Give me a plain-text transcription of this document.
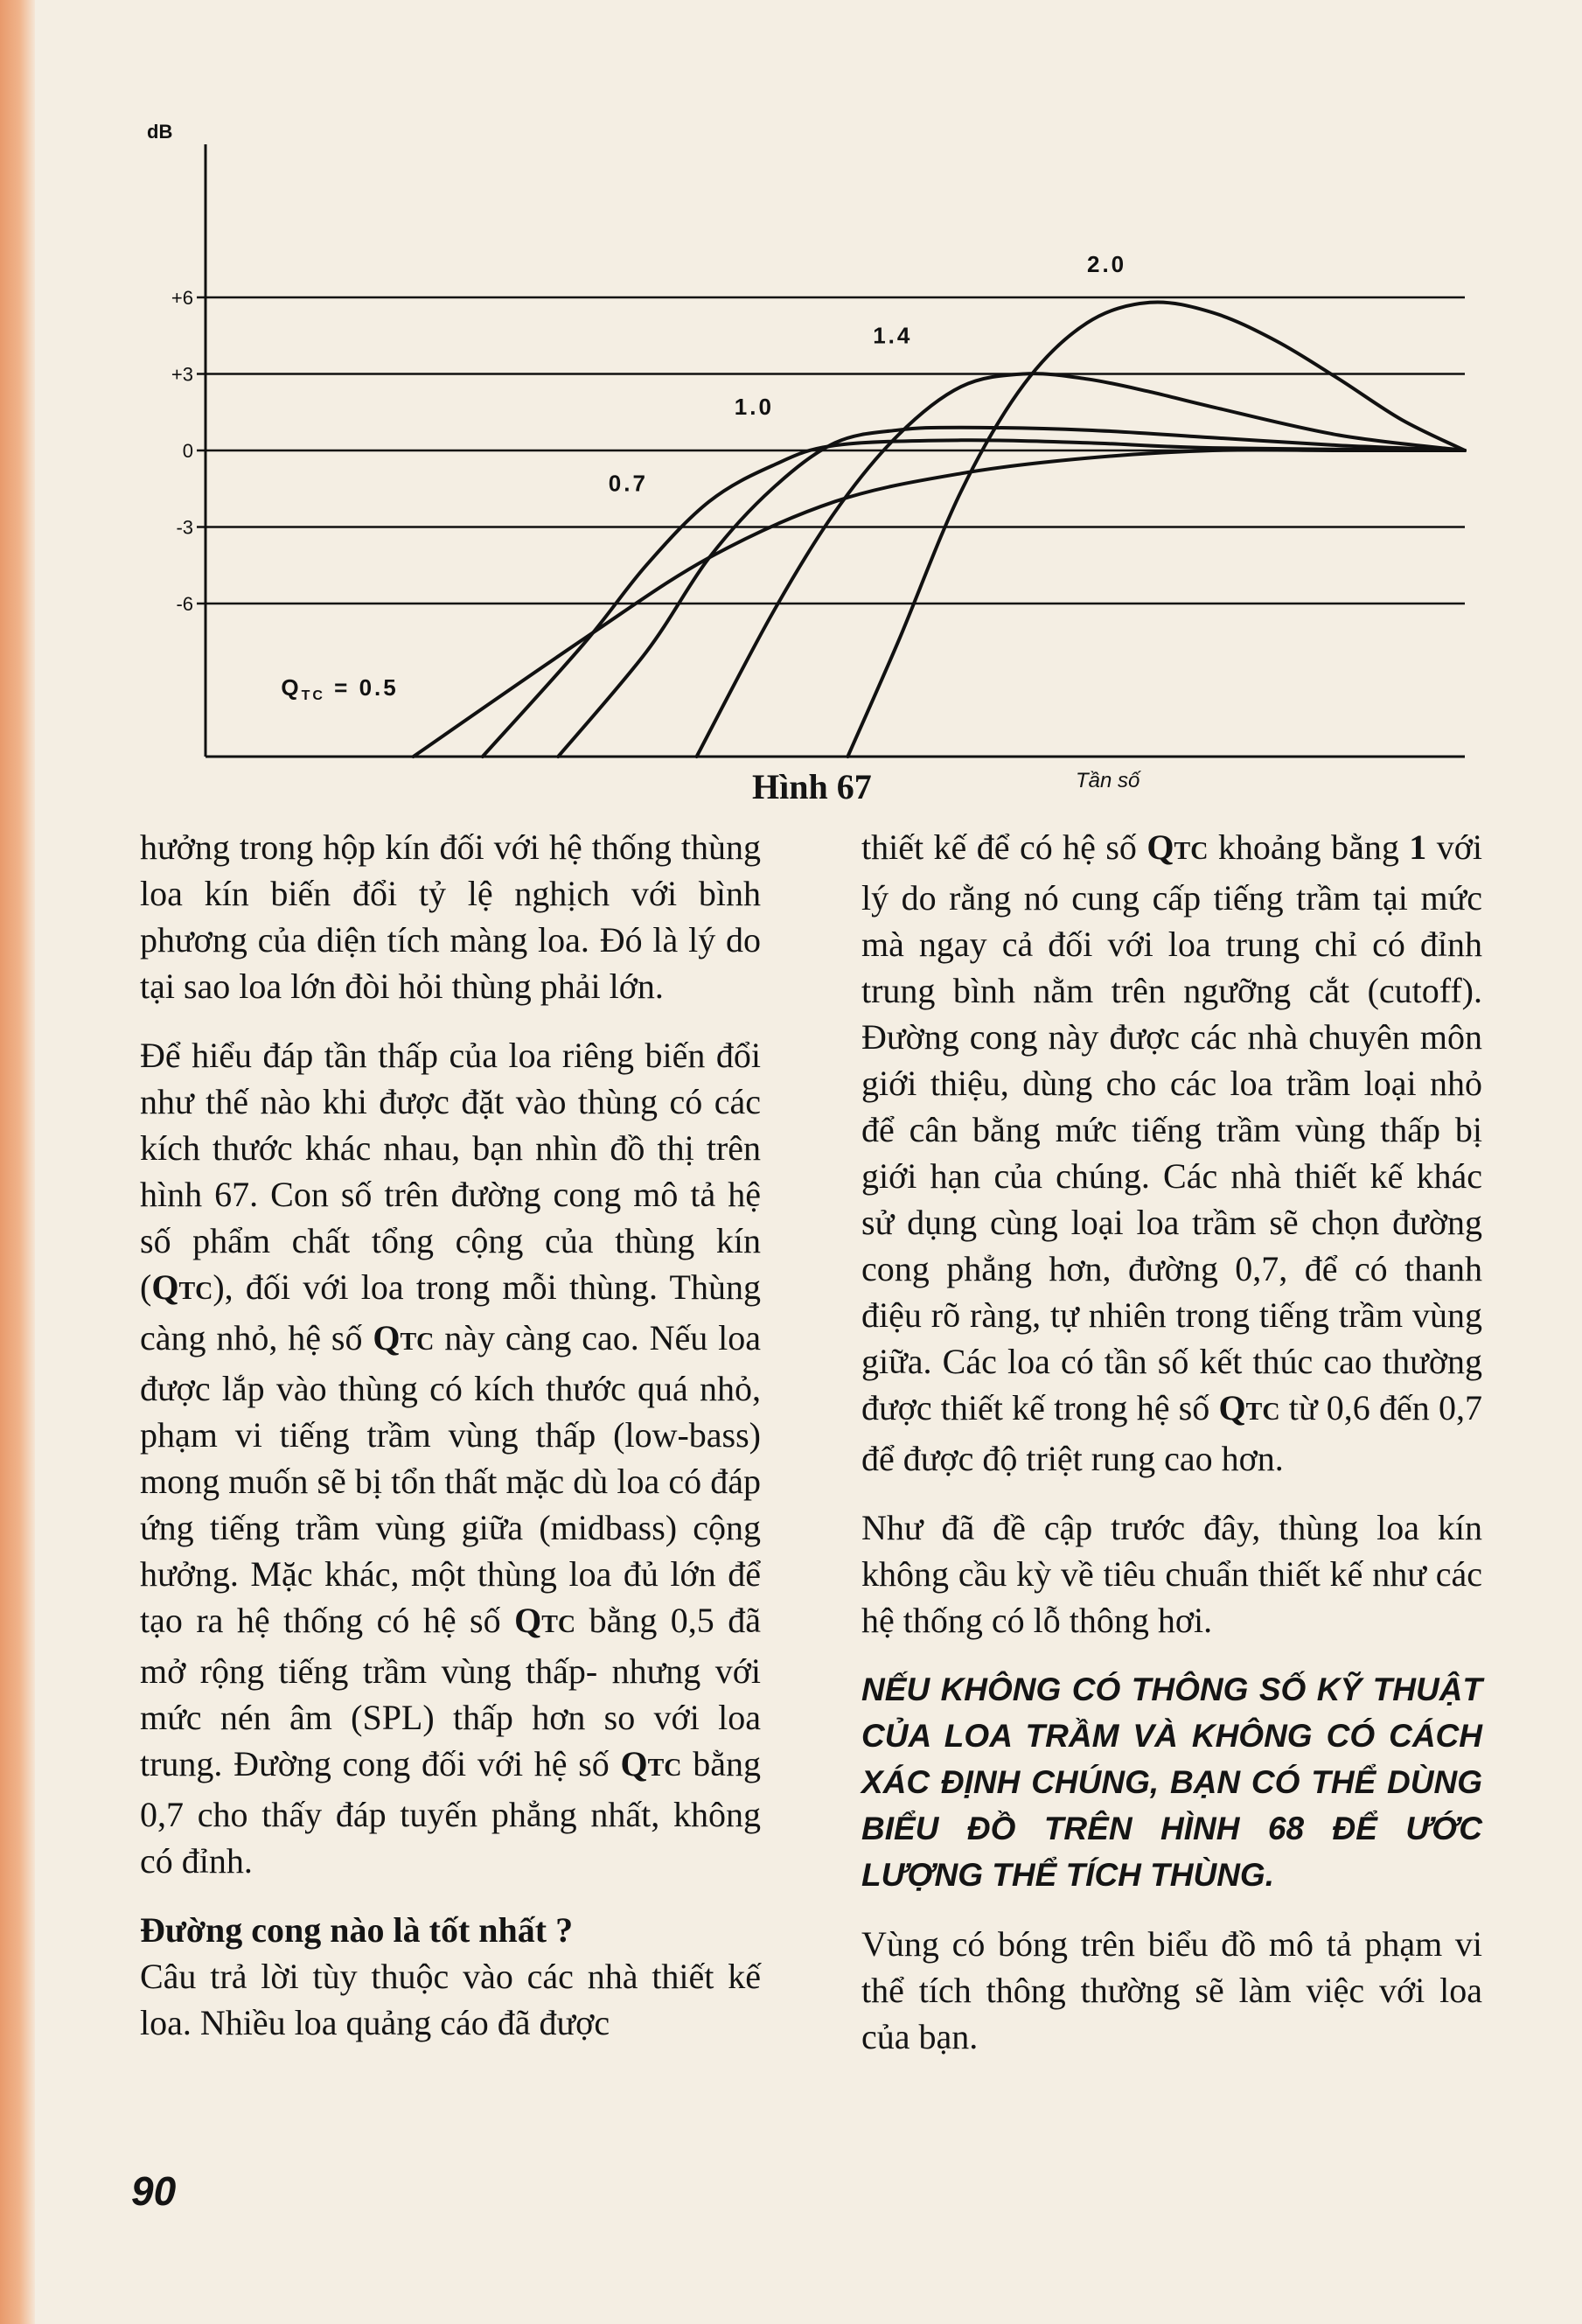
+6
+3
0
-3
-6
dB
Tần số
QTC = 0.5
0.7
1.0
1.4
2.0
Hình 67

hưởng trong hộp kín đối với hệ thống thùng loa kín biến đổi tỷ lệ nghịch với bình phương của diện tích màng loa. Đó là lý do tại sao loa lớn đòi hỏi thùng phải lớn.

Để hiểu đáp tần thấp của loa riêng biến đổi như thế nào khi được đặt vào thùng có các kích thước khác nhau, bạn nhìn đồ thị trên hình 67. Con số trên đường cong mô tả hệ số phẩm chất tổng cộng của thùng kín (QTC), đối với loa trong mỗi thùng. Thùng càng nhỏ, hệ số QTC này càng cao. Nếu loa được lắp vào thùng có kích thước quá nhỏ, phạm vi tiếng trầm vùng thấp (low-bass) mong muốn sẽ bị tổn thất mặc dù loa có đáp ứng tiếng trầm vùng giữa (midbass) cộng hưởng. Mặc khác, một thùng loa đủ lớn để tạo ra hệ thống có hệ số QTC bằng 0,5 đã mở rộng tiếng trầm vùng thấp- nhưng với mức nén âm (SPL) thấp hơn so với loa trung. Đường cong đối với hệ số QTC bằng 0,7 cho thấy đáp tuyến phẳng nhất, không có đỉnh.

Đường cong nào là tốt nhất ?
Câu trả lời tùy thuộc vào các nhà thiết kế loa. Nhiều loa quảng cáo đã được

thiết kế để có hệ số QTC khoảng bằng 1 với lý do rằng nó cung cấp tiếng trầm tại mức mà ngay cả đối với loa trung chỉ có đỉnh trung bình nằm trên ngưỡng cắt (cutoff). Đường cong này được các nhà chuyên môn giới thiệu, dùng cho các loa trầm loại nhỏ để cân bằng mức tiếng trầm vùng thấp bị giới hạn của chúng. Các nhà thiết kế khác sử dụng cùng loại loa trầm sẽ chọn đường cong phẳng hơn, đường 0,7, để có thanh điệu rõ ràng, tự nhiên trong tiếng trầm vùng giữa. Các loa có tần số kết thúc cao thường được thiết kế trong hệ số QTC từ 0,6 đến 0,7 để được độ triệt rung cao hơn.

Như đã đề cập trước đây, thùng loa kín không cầu kỳ về tiêu chuẩn thiết kế như các hệ thống có lỗ thông hơi.

NẾU KHÔNG CÓ THÔNG SỐ KỸ THUẬT CỦA LOA TRẦM VÀ KHÔNG CÓ CÁCH XÁC ĐỊNH CHÚNG, BẠN CÓ THỂ DÙNG BIỂU ĐỒ TRÊN HÌNH 68 ĐỂ ƯỚC LƯỢNG THỂ TÍCH THÙNG.

Vùng có bóng trên biểu đồ mô tả phạm vi thể tích thông thường sẽ làm việc với loa của bạn.

90
